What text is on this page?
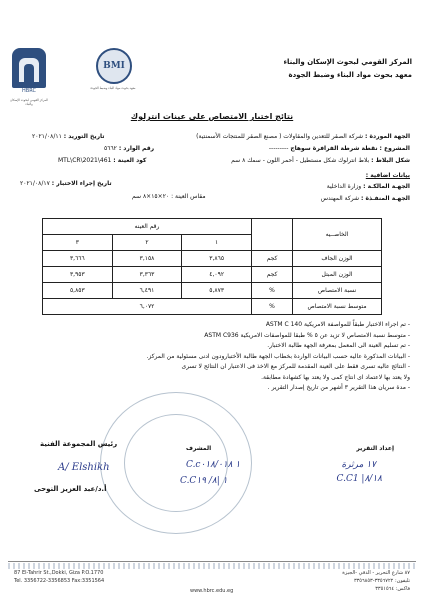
HBRC
المركز القومي لبحوث الإسكان والبناء
BMI
معهد بحوث مواد البناء وضبط الجودة
المركز القومي لبحوث الإسكان والبناء
معهد بحوث مواد البناء وضبط الجودة
نتائج اختبار الامتصاص على عينات انترلوك
الجهة الموردة : شركة الصقر للتعدين والمقاولات ( مصنع الصقر للمنتجات الأسمنتية)
تاريخ التوريد : ٢٠٢١/٠٨/١١
المشروع : نقطة شرطة الفرافرة سوهاج ---------
رقم الوارد : ٥٦٦٢
شكل البلاط : بلاط انترلوك شكل مستطيل - أحمر اللون - سمك ٨ سم
كود العينة : MTL\CR\2021\461
بيانات اضافية :
الجهـة المالكـة : وزارة الداخلية
تاريخ إجراء الاختبار : ٢٠٢١/٠٨/١٧
الجهـة المنفـذة : شركة المهندس
مقاس العينة : ٢٠×١٥×٨ سم
الخاصــيه		رقم العينه		
		١	٢	٣
الوزن الجاف	كجم	٣,٨٦٥	٣,١٥٨	٣,٦٦٦
الوزن المبتل	كجم	٤,٠٩٢	٣,٣٦٣	٣,٩٥٣
نسبة الامتصاص	%	٥,٨٧٣	٦,٤٩١	٥,٨٥٣
متوسط نسبة الامتصاص	%	٦,٠٧٢		
- تم اجراء الاختبار طبقاً للمواصفة الامريكية ASTM C 140
- متوسط نسبة الامتصاص لا تزيد عن ٥ % طبقا للمواصفات الامريكية ASTM C936
- تم تسليم العينة الى المعمل بمعرفة الجهة طالبة الاختبار.
- البيانات المذكورة عاليه حسب البيانات الواردة بخطاب الجهة طالبة الأختبارودون ادنى مسئولية من المركز.
- النتائج عاليه تسرى فقط على العينة المقدمة للمركز مع الاخذ فى الاعتبار ان النتائج لا تسرى
ولا يعتد بها لاعتماد اى انتاج كمى ولا يعتد بها كشهادة مطابقة.
- مدة سريان هذا التقرير ٣ أشهر من تاريخ إصدار التقرير .
إعداد التقرير
المشرف
رئيس المجموعة الفنية
أ.د/عبد العزيز النوحى
١٧ مرثرة
C.C1 |٨/١٨
C.c١ ٠١٨/٠١٨
C.C١ |٨/ ١٩
A/ Elshikh
87 El-Tahrir St.,Dokki, Giza P.O.1770
Tel. 3356722-3356853 Fax:3351564
www.hbrc.edu.eg
٨٧ شارع التحرير - الدقي -الجيزة
تليفون: ٣٣٥٦٧٢٢-٣٣٥٦٨٥٣
فاكس: ٣٣٥١٥٦٤
